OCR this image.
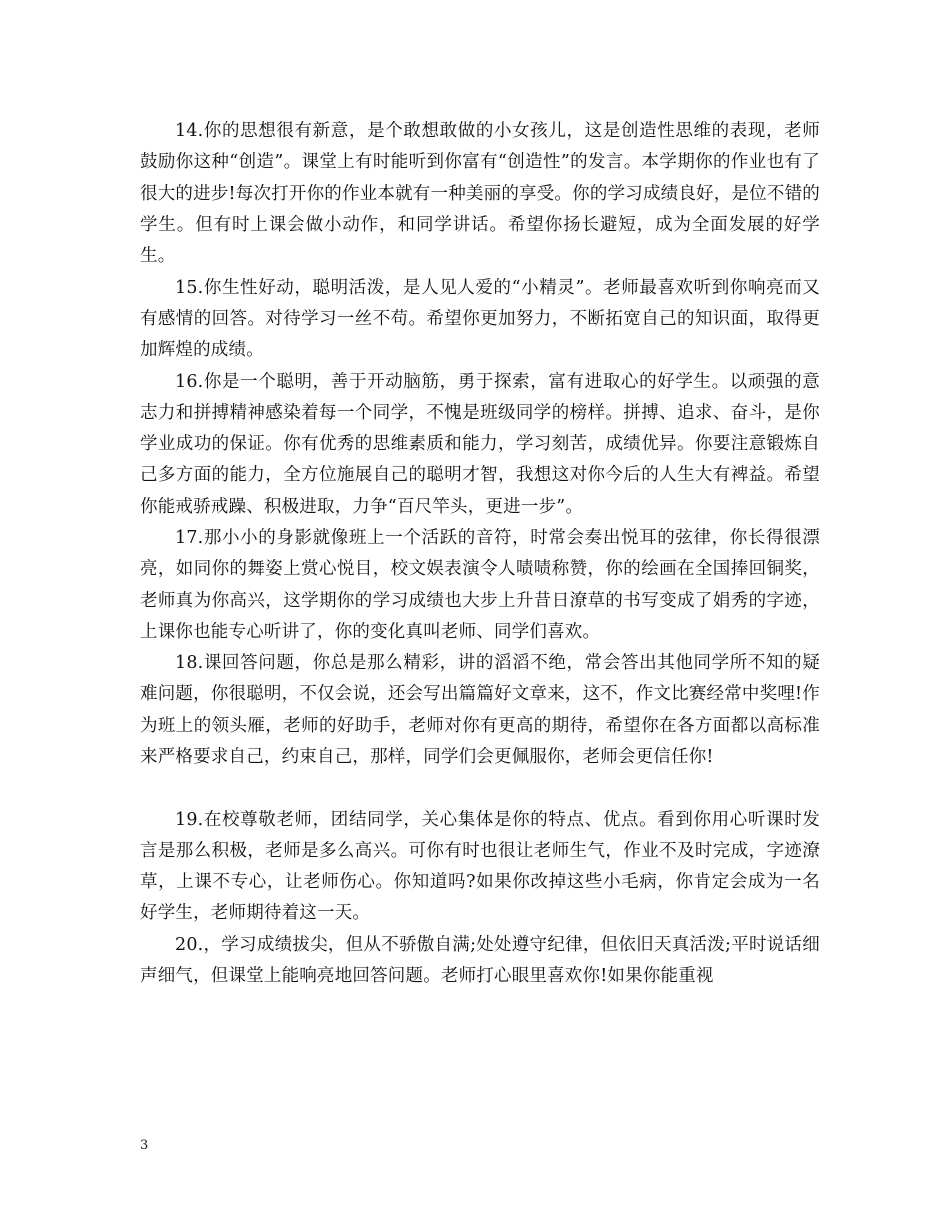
14.你的思想很有新意，是个敢想敢做的小女孩儿，这是创造性思维的表现，老师鼓励你这种“创造”。课堂上有时能听到你富有“创造性”的发言。本学期你的作业也有了很大的进步!每次打开你的作业本就有一种美丽的享受。你的学习成绩良好，是位不错的学生。但有时上课会做小动作，和同学讲话。希望你扬长避短，成为全面发展的好学生。

15.你生性好动，聪明活泼，是人见人爱的“小精灵”。老师最喜欢听到你响亮而又有感情的回答。对待学习一丝不苟。希望你更加努力，不断拓宽自己的知识面，取得更加辉煌的成绩。

16.你是一个聪明，善于开动脑筋，勇于探索，富有进取心的好学生。以顽强的意志力和拼搏精神感染着每一个同学，不愧是班级同学的榜样。拼搏、追求、奋斗，是你学业成功的保证。你有优秀的思维素质和能力，学习刻苦，成绩优异。你要注意锻炼自己多方面的能力，全方位施展自己的聪明才智，我想这对你今后的人生大有裨益。希望你能戒骄戒躁、积极进取，力争“百尺竿头，更进一步”。

17.那小小的身影就像班上一个活跃的音符，时常会奏出悦耳的弦律，你长得很漂亮，如同你的舞姿上赏心悦目，校文娱表演令人啧啧称赞，你的绘画在全国捧回铜奖，老师真为你高兴，这学期你的学习成绩也大步上升昔日潦草的书写变成了娟秀的字迹，上课你也能专心听讲了，你的变化真叫老师、同学们喜欢。

18.课回答问题，你总是那么精彩，讲的滔滔不绝，常会答出其他同学所不知的疑难问题，你很聪明，不仅会说，还会写出篇篇好文章来，这不，作文比赛经常中奖哩!作为班上的领头雁，老师的好助手，老师对你有更高的期待，希望你在各方面都以高标准来严格要求自己，约束自己，那样，同学们会更佩服你，老师会更信任你!

19.在校尊敬老师，团结同学，关心集体是你的特点、优点。看到你用心听课时发言是那么积极，老师是多么高兴。可你有时也很让老师生气，作业不及时完成，字迹潦草，上课不专心，让老师伤心。你知道吗?如果你改掉这些小毛病，你肯定会成为一名好学生，老师期待着这一天。

20.，学习成绩拔尖，但从不骄傲自满;处处遵守纪律，但依旧天真活泼;平时说话细声细气，但课堂上能响亮地回答问题。老师打心眼里喜欢你!如果你能重视

3
